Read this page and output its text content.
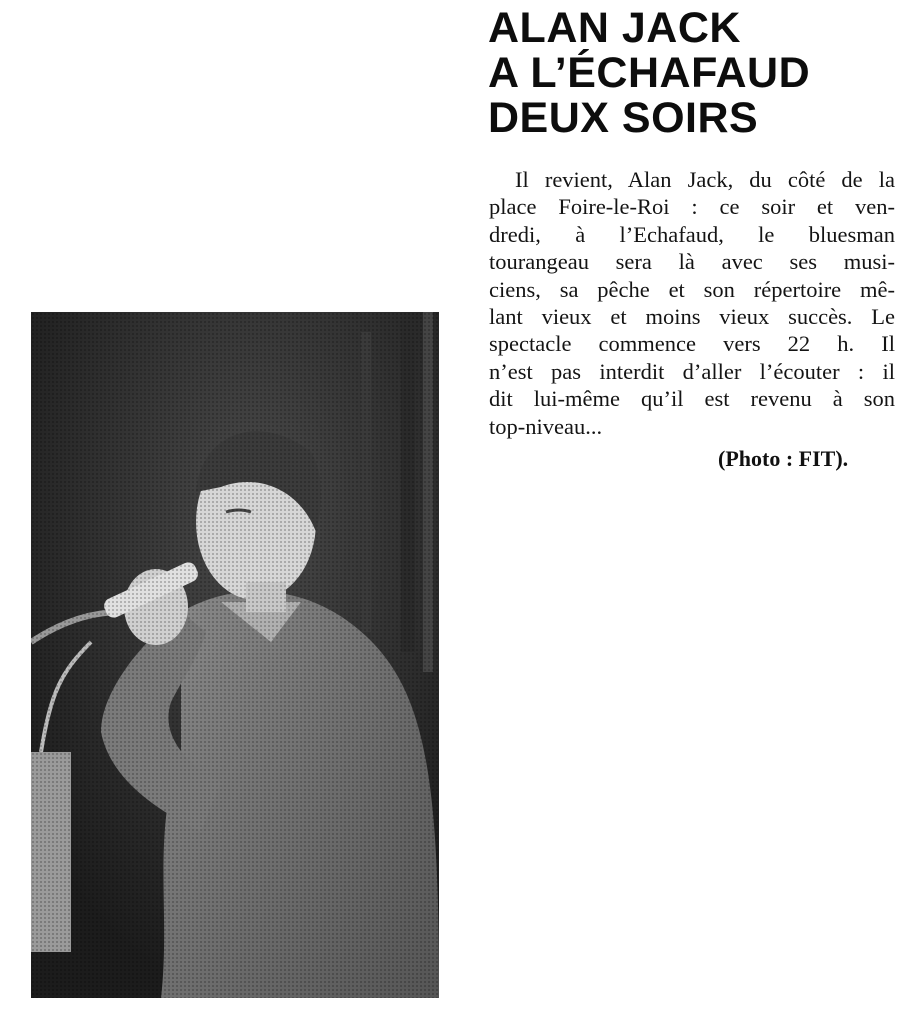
ALAN JACK
A L’ÉCHAFAUD
DEUX SOIRS
Il revient, Alan Jack, du côté de la
place Foire-le-Roi : ce soir et ven-
dredi, à l’Echafaud, le bluesman
tourangeau sera là avec ses musi-
ciens, sa pêche et son répertoire mê-
lant vieux et moins vieux succès. Le
spectacle commence vers 22 h. Il
n’est pas interdit d’aller l’écouter : il
dit lui-même qu’il est revenu à son
top-niveau...
(Photo : FIT).
